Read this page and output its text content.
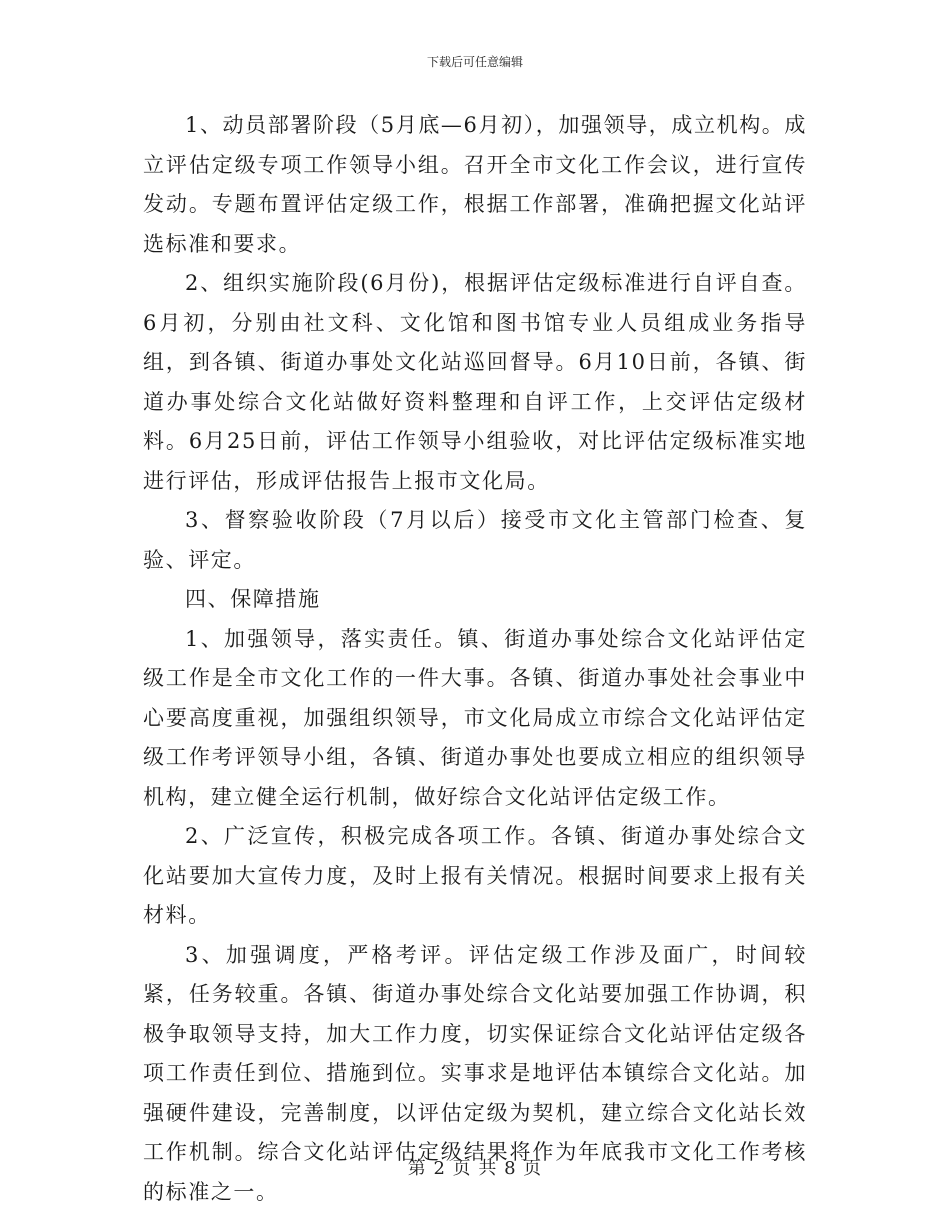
下载后可任意编辑

1、动员部署阶段（5月底—6月初），加强领导，成立机构。成立评估定级专项工作领导小组。召开全市文化工作会议，进行宣传发动。专题布置评估定级工作，根据工作部署，准确把握文化站评选标准和要求。

2、组织实施阶段(6月份)，根据评估定级标准进行自评自查。6月初，分别由社文科、文化馆和图书馆专业人员组成业务指导组，到各镇、街道办事处文化站巡回督导。6月10日前，各镇、街道办事处综合文化站做好资料整理和自评工作，上交评估定级材料。6月25日前，评估工作领导小组验收，对比评估定级标准实地进行评估，形成评估报告上报市文化局。

3、督察验收阶段（7月以后）接受市文化主管部门检查、复验、评定。

四、保障措施

1、加强领导，落实责任。镇、街道办事处综合文化站评估定级工作是全市文化工作的一件大事。各镇、街道办事处社会事业中心要高度重视，加强组织领导，市文化局成立市综合文化站评估定级工作考评领导小组，各镇、街道办事处也要成立相应的组织领导机构，建立健全运行机制，做好综合文化站评估定级工作。

2、广泛宣传，积极完成各项工作。各镇、街道办事处综合文化站要加大宣传力度，及时上报有关情况。根据时间要求上报有关材料。

3、加强调度，严格考评。评估定级工作涉及面广，时间较紧，任务较重。各镇、街道办事处综合文化站要加强工作协调，积极争取领导支持，加大工作力度，切实保证综合文化站评估定级各项工作责任到位、措施到位。实事求是地评估本镇综合文化站。加强硬件建设，完善制度，以评估定级为契机，建立综合文化站长效工作机制。综合文化站评估定级结果将作为年底我市文化工作考核的标准之一。

第 2 页 共 8 页
